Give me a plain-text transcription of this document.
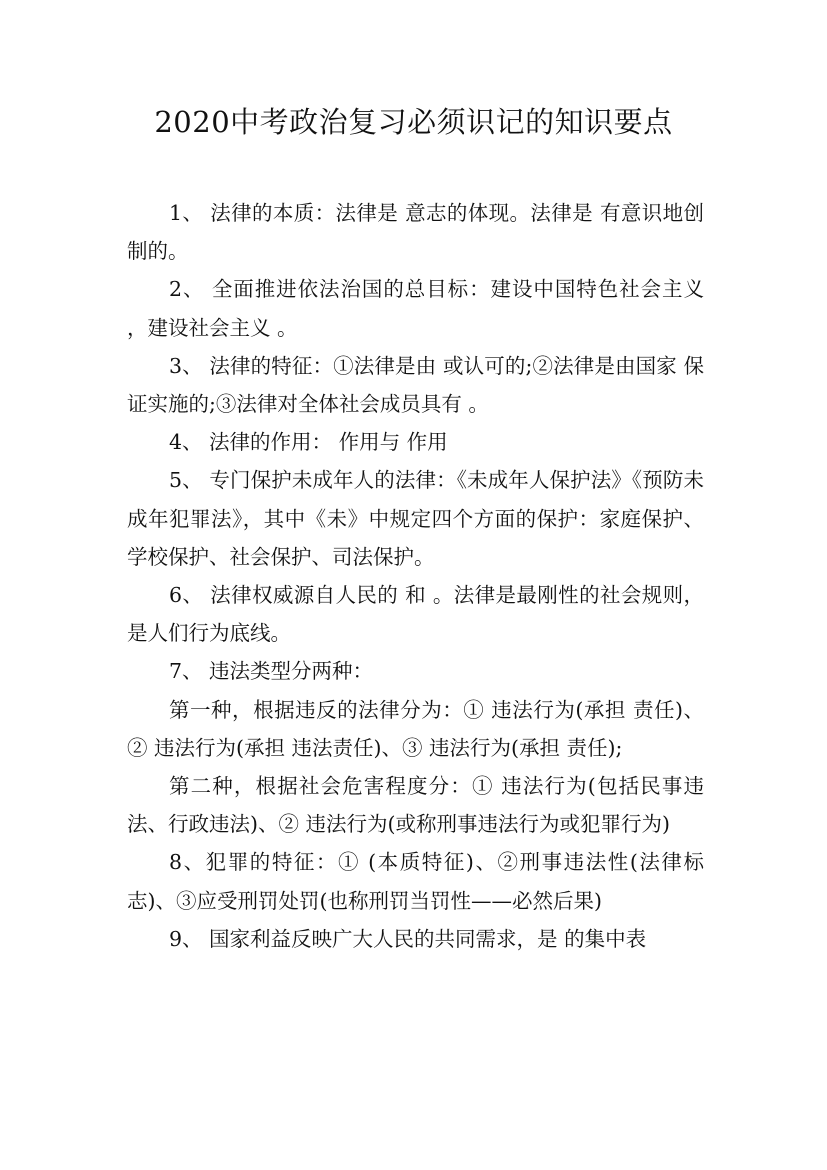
2020中考政治复习必须识记的知识要点

1、 法律的本质：法律是 意志的体现。法律是 有意识地创制的。

2、 全面推进依法治国的总目标：建设中国特色社会主义 ，建设社会主义 。

3、 法律的特征：①法律是由 或认可的;②法律是由国家 保证实施的;③法律对全体社会成员具有 。

4、 法律的作用： 作用与 作用

5、 专门保护未成年人的法律：《未成年人保护法》《预防未成年犯罪法》，其中《未》中规定四个方面的保护：家庭保护、学校保护、社会保护、司法保护。

6、 法律权威源自人民的 和 。法律是最刚性的社会规则， 是人们行为底线。

7、 违法类型分两种：

第一种，根据违反的法律分为：① 违法行为(承担 责任)、② 违法行为(承担 违法责任)、③ 违法行为(承担 责任);

第二种，根据社会危害程度分：① 违法行为(包括民事违法、行政违法)、② 违法行为(或称刑事违法行为或犯罪行为)

8、犯罪的特征：① (本质特征)、②刑事违法性(法律标志)、③应受刑罚处罚(也称刑罚当罚性——必然后果)

9、 国家利益反映广大人民的共同需求，是 的集中表
